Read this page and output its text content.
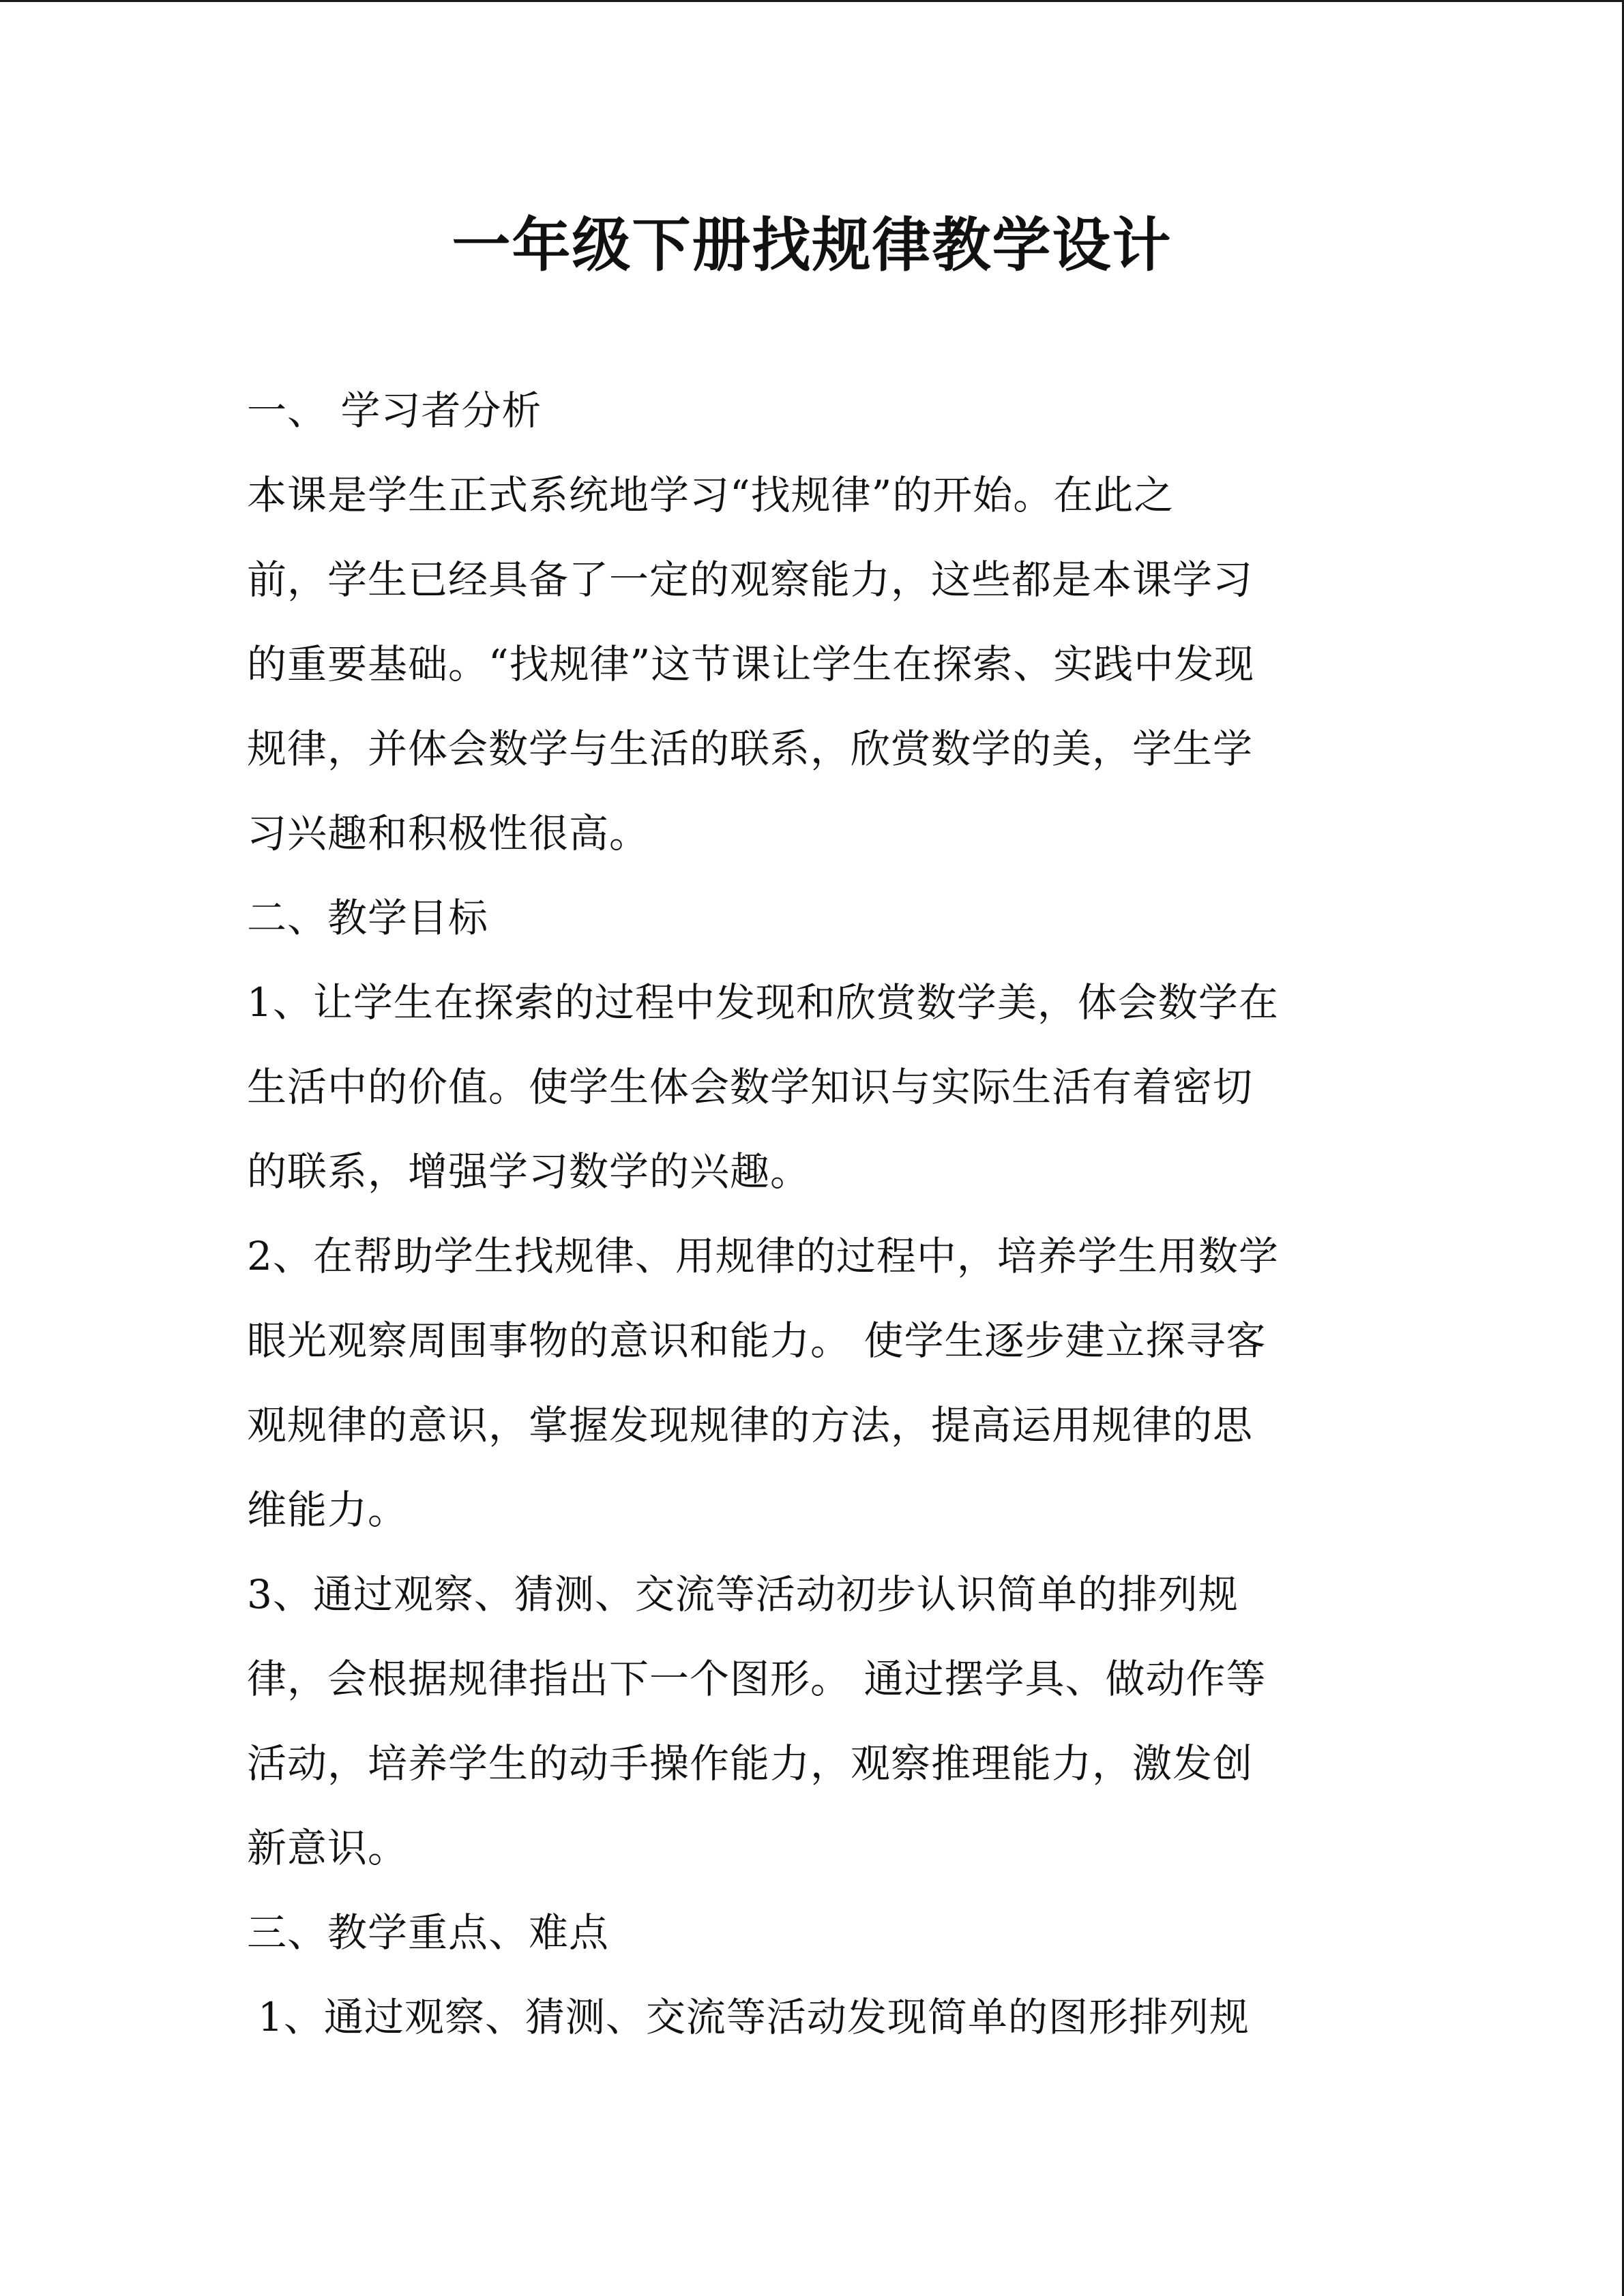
一年级下册找规律教学设计
一、 学习者分析
本课是学生正式系统地学习“找规律”的开始。在此之
前，学生已经具备了一定的观察能力，这些都是本课学习
的重要基础。“找规律”这节课让学生在探索、实践中发现
规律，并体会数学与生活的联系，欣赏数学的美，学生学
习兴趣和积极性很高。
二、教学目标
1、让学生在探索的过程中发现和欣赏数学美，体会数学在
生活中的价值。使学生体会数学知识与实际生活有着密切
的联系，增强学习数学的兴趣。
2、在帮助学生找规律、用规律的过程中，培养学生用数学
眼光观察周围事物的意识和能力。 使学生逐步建立探寻客
观规律的意识，掌握发现规律的方法，提高运用规律的思
维能力。
3、通过观察、猜测、交流等活动初步认识简单的排列规
律，会根据规律指出下一个图形。 通过摆学具、做动作等
活动，培养学生的动手操作能力，观察推理能力，激发创
新意识。
三、教学重点、难点
1、通过观察、猜测、交流等活动发现简单的图形排列规
